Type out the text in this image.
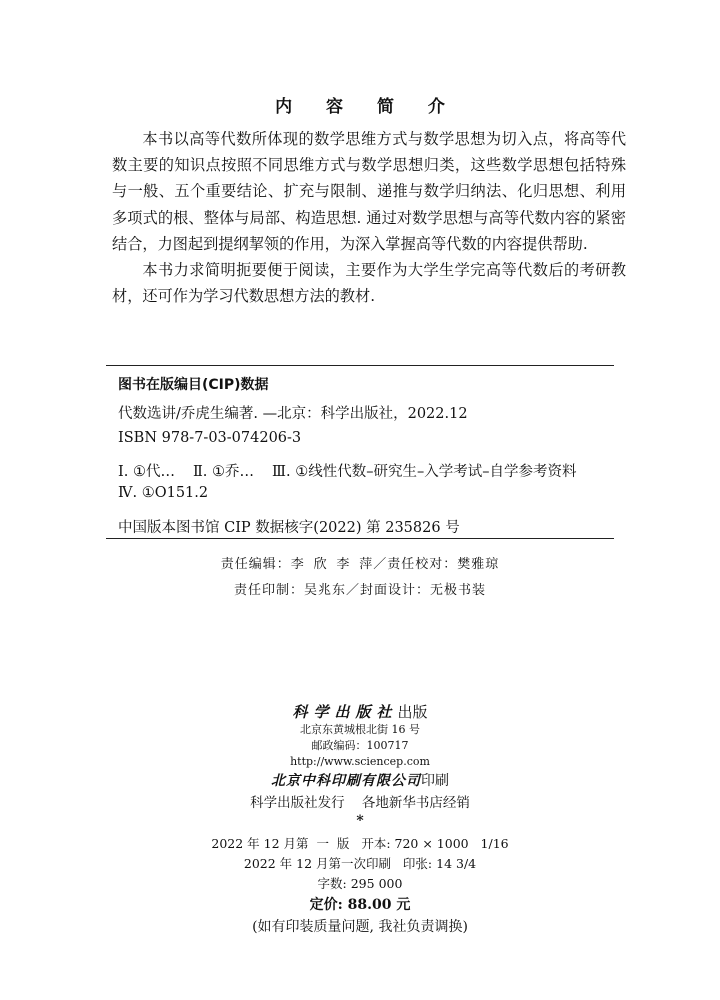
内 容 简 介

本书以高等代数所体现的数学思维方式与数学思想为切入点，将高等代数主要的知识点按照不同思维方式与数学思想归类，这些数学思想包括特殊与一般、五个重要结论、扩充与限制、递推与数学归纳法、化归思想、利用多项式的根、整体与局部、构造思想. 通过对数学思想与高等代数内容的紧密结合，力图起到提纲挈领的作用，为深入掌握高等代数的内容提供帮助.

本书力求简明扼要便于阅读，主要作为大学生学完高等代数后的考研教材，还可作为学习代数思想方法的教材.

图书在版编目(CIP)数据
代数选讲/乔虎生编著. —北京：科学出版社，2022.12
ISBN 978-7-03-074206-3
Ⅰ. ①代… Ⅱ. ①乔… Ⅲ. ①线性代数–研究生–入学考试–自学参考资料
Ⅳ. ①O151.2
中国版本图书馆 CIP 数据核字(2022) 第 235826 号
责任编辑：李 欣 李 萍／责任校对：樊雅琼
责任印制：吴兆东／封面设计：无极书装
科学出版社出版
北京东黄城根北街 16 号
邮政编码：100717
http://www.sciencep.com
北京中科印刷有限公司印刷
科学出版社发行    各地新华书店经销
*
2022 年 12 月第  一  版   开本: 720 × 1000   1/16
2022 年 12 月第一次印刷   印张: 14 3/4
字数: 295 000
定价: 88.00 元
(如有印装质量问题, 我社负责调换)
